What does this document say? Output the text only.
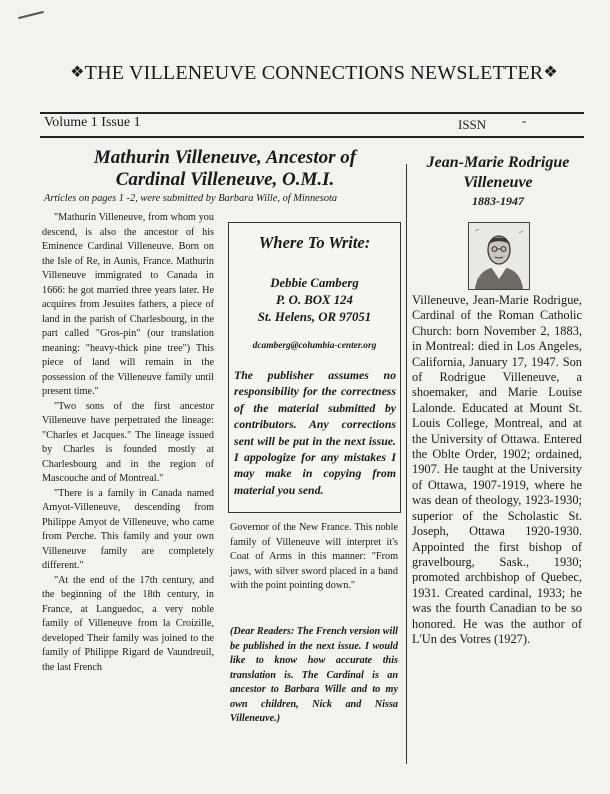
❖THE VILLENEUVE CONNECTIONS NEWSLETTER❖
Volume 1 Issue 1	ISSN	-
Mathurin Villeneuve, Ancestor of Cardinal Villeneuve, O.M.I.
Articles on pages 1 -2, were submitted by Barbara Wille, of Minnesota

"Mathurin Villeneuve, from whom you descend, is also the ancestor of his Eminence Cardinal Villeneuve. Born on the Isle of Re, in Aunis, France. Mathurin Villeneuve immigrated to Canada in 1666: he got married three years later. He acquires from Jesuites fathers, a piece of land in the parish of Charlesbourg, in the part called "Gros-pin" (our translation meaning: "heavy-thick pine tree") This piece of land will remain in the possession of the Villeneuve family until present time."

"Two sons of the first ancestor Villeneuve have perpetrated the lineage: "Charles et Jacques." The lineage issued by Charles is founded mostly at Charlesbourg and in the region of Mascouche and of Montreal."

"There is a family in Canada named Amyot-Villeneuve, descending from Philippe Amyot de Villeneuve, who came from Perche. This family and your own Villeneuve family are completely different."

"At the end of the 17th century, and the beginning of the 18th century, in France, at Languedoc, a very noble family of Villeneuve from la Croizille, developed Their family was joined to the family of Philippe Rigard de Vaundreuil, the last French

Where To Write:
Debbie Camberg
P. O. BOX 124
St. Helens, OR 97051
dcamberg@columbia-center.org
The publisher assumes no responsibility for the correctness of the material submitted by contributors. Any corrections sent will be put in the next issue. I appologize for any mistakes I may make in copying from material you send.
Governor of the New France. This noble family of Villeneuve will interpret it's Coat of Arms in this manner: "From jaws, with silver sword placed in a band with the point pointing down."
(Dear Readers: The French version will be published in the next issue. I would like to know how accurate this translation is. The Cardinal is an ancestor to Barbara Wille and to my own children, Nick and Nissa Villeneuve.)
Jean-Marie Rodrigue Villeneuve
1883-1947
Villeneuve, Jean-Marie Rodrigue, Cardinal of the Roman Catholic Church: born November 2, 1883, in Montreal: died in Los Angeles, California, January 17, 1947. Son of Rodrigue Villeneuve, a shoemaker, and Marie Louise Lalonde. Educated at Mount St. Louis College, Montreal, and at the University of Ottawa. Entered the Oblte Order, 1902; ordained, 1907. He taught at the University of Ottawa, 1907-1919, where he was dean of theology, 1923-1930; superior of the Scholastic St. Joseph, Ottawa 1920-1930. Appointed the first bishop of gravelbourg, Sask., 1930; promoted archbishop of Quebec, 1931. Created cardinal, 1933; he was the fourth Canadian to be so honored. He was the author of L'Un des Votres (1927).
